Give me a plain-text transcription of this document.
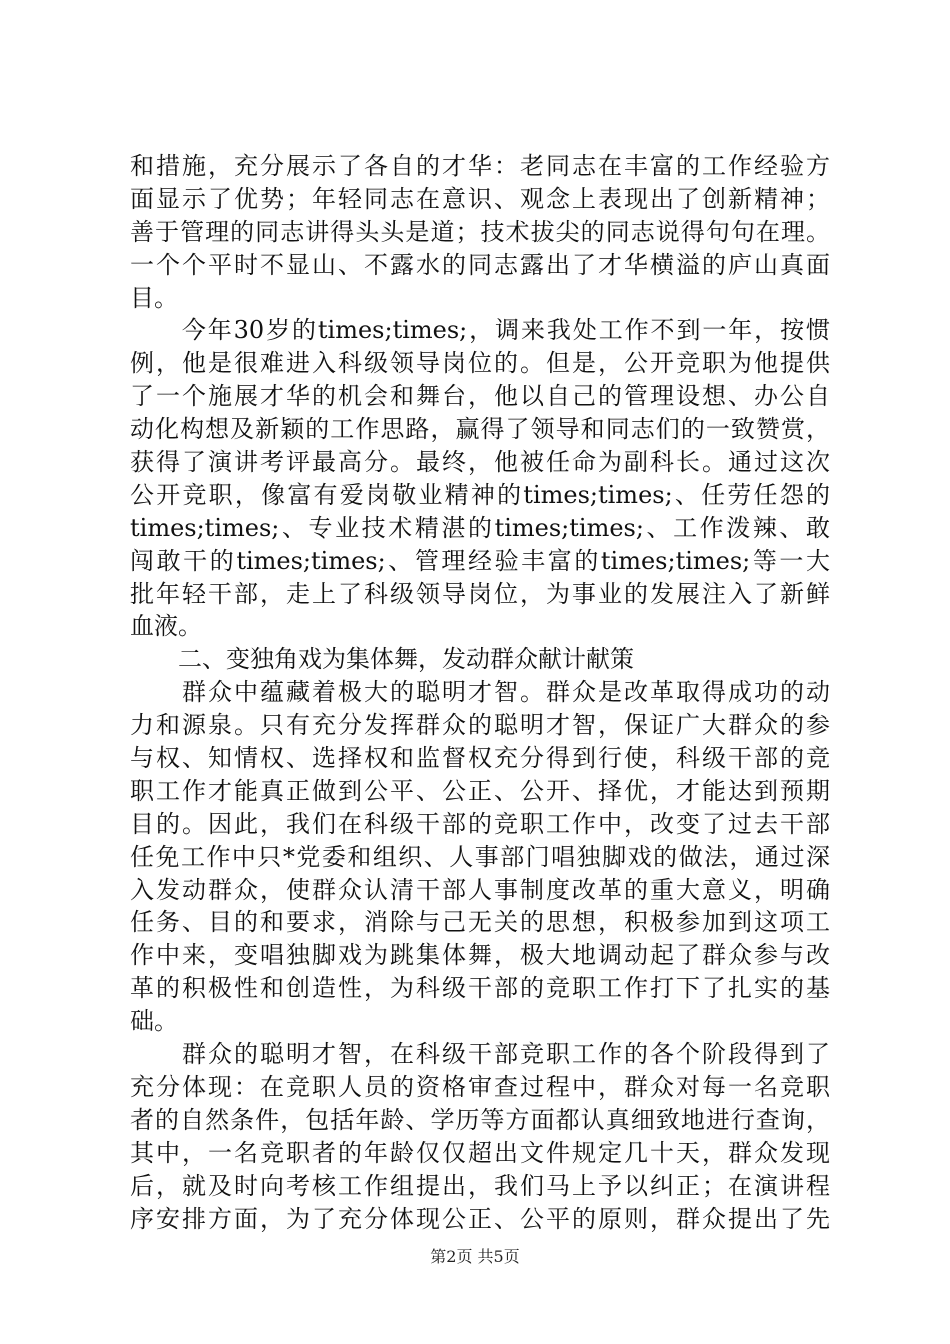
和措施，充分展示了各自的才华：老同志在丰富的工作经验方
面显示了优势；年轻同志在意识、观念上表现出了创新精神；
善于管理的同志讲得头头是道；技术拔尖的同志说得句句在理。
一个个平时不显山、不露水的同志露出了才华横溢的庐山真面
目。
　　今年30岁的times;times;，调来我处工作不到一年，按惯
例，他是很难进入科级领导岗位的。但是，公开竞职为他提供
了一个施展才华的机会和舞台，他以自己的管理设想、办公自
动化构想及新颖的工作思路，赢得了领导和同志们的一致赞赏，
获得了演讲考评最高分。最终，他被任命为副科长。通过这次
公开竞职，像富有爱岗敬业精神的times;times;、任劳任怨的
times;times;、专业技术精湛的times;times;、工作泼辣、敢
闯敢干的times;times;、管理经验丰富的times;times;等一大
批年轻干部，走上了科级领导岗位，为事业的发展注入了新鲜
血液。
　　二、变独角戏为集体舞，发动群众献计献策
　　群众中蕴藏着极大的聪明才智。群众是改革取得成功的动
力和源泉。只有充分发挥群众的聪明才智，保证广大群众的参
与权、知情权、选择权和监督权充分得到行使，科级干部的竞
职工作才能真正做到公平、公正、公开、择优，才能达到预期
目的。因此，我们在科级干部的竞职工作中，改变了过去干部
任免工作中只*党委和组织、人事部门唱独脚戏的做法，通过深
入发动群众，使群众认清干部人事制度改革的重大意义，明确
任务、目的和要求，消除与己无关的思想，积极参加到这项工
作中来，变唱独脚戏为跳集体舞，极大地调动起了群众参与改
革的积极性和创造性，为科级干部的竞职工作打下了扎实的基
础。
　　群众的聪明才智，在科级干部竞职工作的各个阶段得到了
充分体现：在竞职人员的资格审查过程中，群众对每一名竞职
者的自然条件，包括年龄、学历等方面都认真细致地进行查询，
其中，一名竞职者的年龄仅仅超出文件规定几十天，群众发现
后，就及时向考核工作组提出，我们马上予以纠正；在演讲程
序安排方面，为了充分体现公正、公平的原则，群众提出了先
第2页 共5页
